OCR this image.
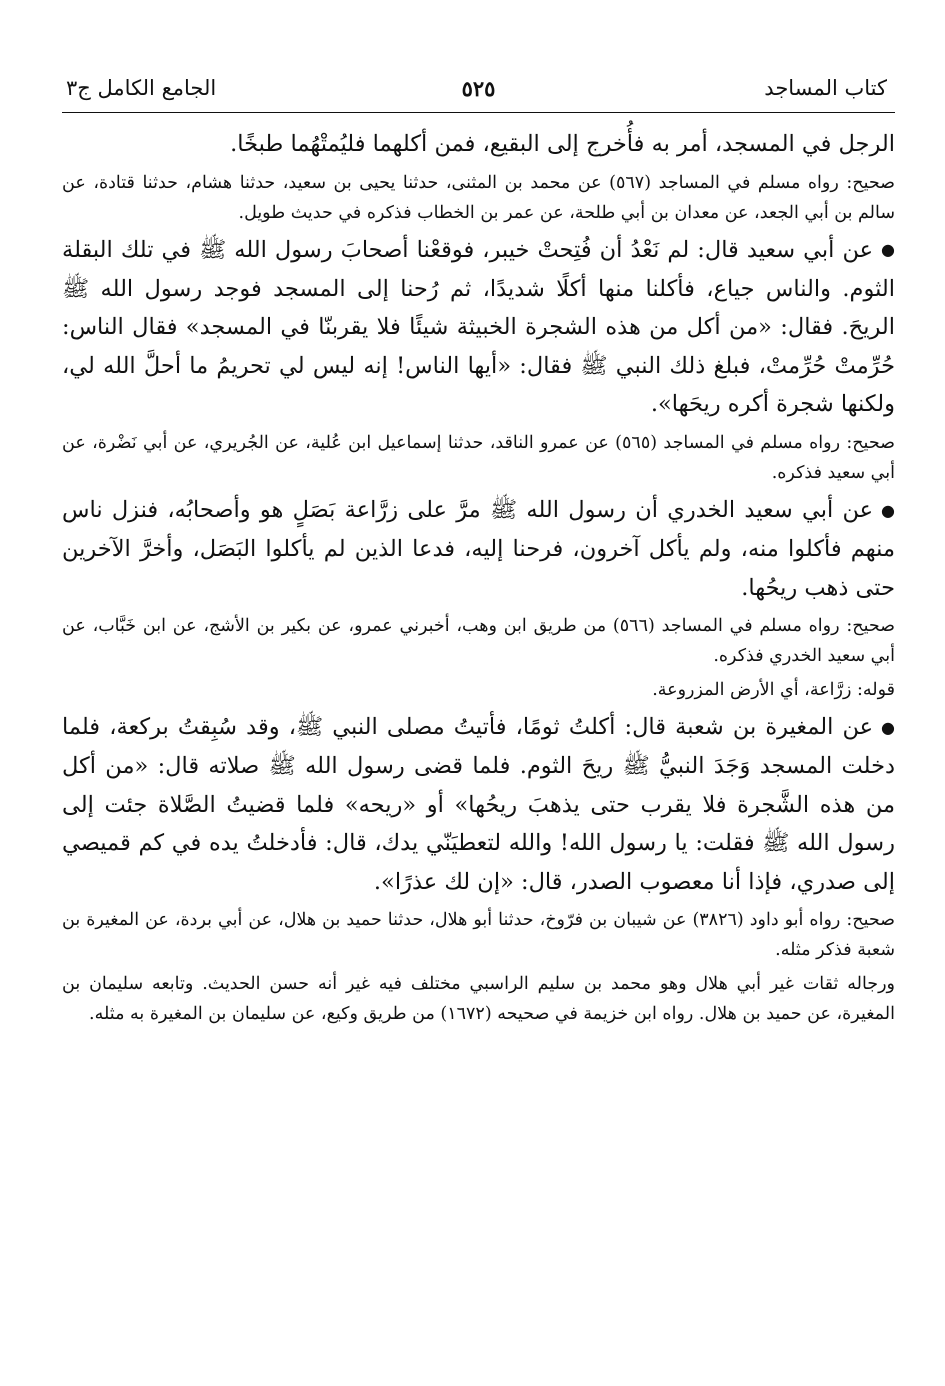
كتاب المساجد
٥٢٥
الجامع الكامل ج٣

الرجل في المسجد، أمر به فأُخرج إلى البقيع، فمن أكلهما فليُمتْهُما طبخًا.

صحيح: رواه مسلم في المساجد (٥٦٧) عن محمد بن المثنى، حدثنا يحيى بن سعيد، حدثنا هشام، حدثنا قتادة، عن سالم بن أبي الجعد، عن معدان بن أبي طلحة، عن عمر بن الخطاب فذكره في حديث طويل.

●عن أبي سعيد قال: لم نَعْدُ أن فُتِحتْ خيبر، فوقعْنا أصحابَ رسول الله ﷺ في تلك البقلة الثوم. والناس جياع، فأكلنا منها أكلًا شديدًا، ثم رُحنا إلى المسجد فوجد رسول الله ﷺ الريحَ. فقال: «من أكل من هذه الشجرة الخبيثة شيئًا فلا يقربنّا في المسجد» فقال الناس: حُرِّمتْ حُرِّمتْ، فبلغ ذلك النبي ﷺ فقال: «أيها الناس! إنه ليس لي تحريمُ ما أحلَّ الله لي، ولكنها شجرة أكره ريحَها».

صحيح: رواه مسلم في المساجد (٥٦٥) عن عمرو الناقد، حدثنا إسماعيل ابن عُلية، عن الجُريري، عن أبي نَضْرة، عن أبي سعيد فذكره.

●عن أبي سعيد الخدري أن رسول الله ﷺ مرَّ على زرَّاعة بَصَلٍ هو وأصحابُه، فنزل ناس منهم فأكلوا منه، ولم يأكل آخرون، فرحنا إليه، فدعا الذين لم يأكلوا البَصَل، وأخرَّ الآخرين حتى ذهب ريحُها.

صحيح: رواه مسلم في المساجد (٥٦٦) من طريق ابن وهب، أخبرني عمرو، عن بكير بن الأشج، عن ابن خَبَّاب، عن أبي سعيد الخدري فذكره.

قوله: زرَّاعة، أي الأرض المزروعة.

●عن المغيرة بن شعبة قال: أكلتُ ثومًا، فأتيتُ مصلى النبي ﷺ، وقد سُبِقتُ بركعة، فلما دخلت المسجد وَجَدَ النبيُّ ﷺ ريحَ الثوم. فلما قضى رسول الله ﷺ صلاته قال: «من أكل من هذه الشَّجرة فلا يقرب حتى يذهبَ ريحُها» أو «ريحه» فلما قضيتُ الصَّلاة جئت إلى رسول الله ﷺ فقلت: يا رسول الله! والله لتعطيَنّي يدك، قال: فأدخلتُ يده في كم قميصي إلى صدري، فإذا أنا معصوب الصدر، قال: «إن لك عذرًا».

صحيح: رواه أبو داود (٣٨٢٦) عن شيبان بن فرّوخ، حدثنا أبو هلال، حدثنا حميد بن هلال، عن أبي بردة، عن المغيرة بن شعبة فذكر مثله.

ورجاله ثقات غير أبي هلال وهو محمد بن سليم الراسبي مختلف فيه غير أنه حسن الحديث. وتابعه سليمان بن المغيرة، عن حميد بن هلال. رواه ابن خزيمة في صحيحه (١٦٧٢) من طريق وكيع، عن سليمان بن المغيرة به مثله.
